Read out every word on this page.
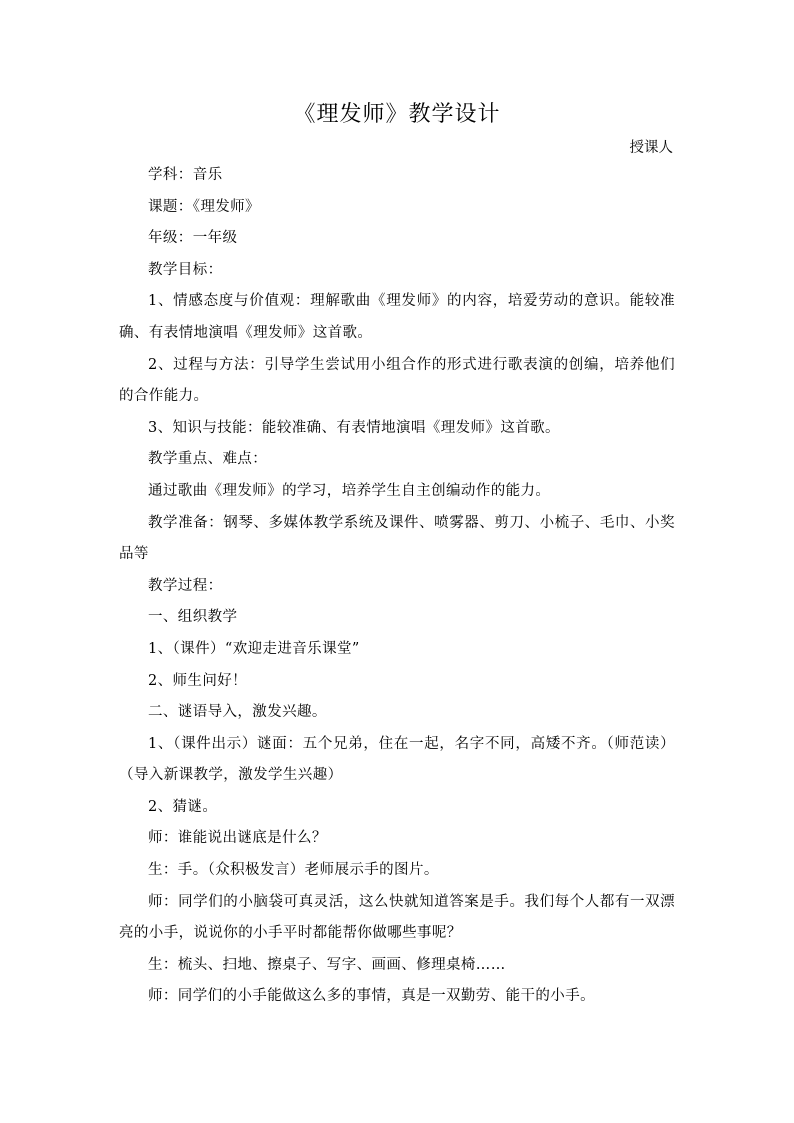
《理发师》教学设计
授课人

学科：音乐

课题：《理发师》

年级：一年级

教学目标：

1、情感态度与价值观：理解歌曲《理发师》的内容，培爱劳动的意识。能较准确、有表情地演唱《理发师》这首歌。

2、过程与方法：引导学生尝试用小组合作的形式进行歌表演的创编，培养他们的合作能力。

3、知识与技能：能较准确、有表情地演唱《理发师》这首歌。

教学重点、难点：

通过歌曲《理发师》的学习，培养学生自主创编动作的能力。

教学准备：钢琴、多媒体教学系统及课件、喷雾器、剪刀、小梳子、毛巾、小奖品等

教学过程：

一、组织教学

1、（课件）“欢迎走进音乐课堂”

2、师生问好！

二、谜语导入，激发兴趣。

1、（课件出示）谜面：五个兄弟，住在一起，名字不同，高矮不齐。（师范读）（导入新课教学，激发学生兴趣）

2、猜谜。

师：谁能说出谜底是什么？

生：手。（众积极发言）老师展示手的图片。

师：同学们的小脑袋可真灵活，这么快就知道答案是手。我们每个人都有一双漂亮的小手，说说你的小手平时都能帮你做哪些事呢？

生：梳头、扫地、擦桌子、写字、画画、修理桌椅……

师：同学们的小手能做这么多的事情，真是一双勤劳、能干的小手。
